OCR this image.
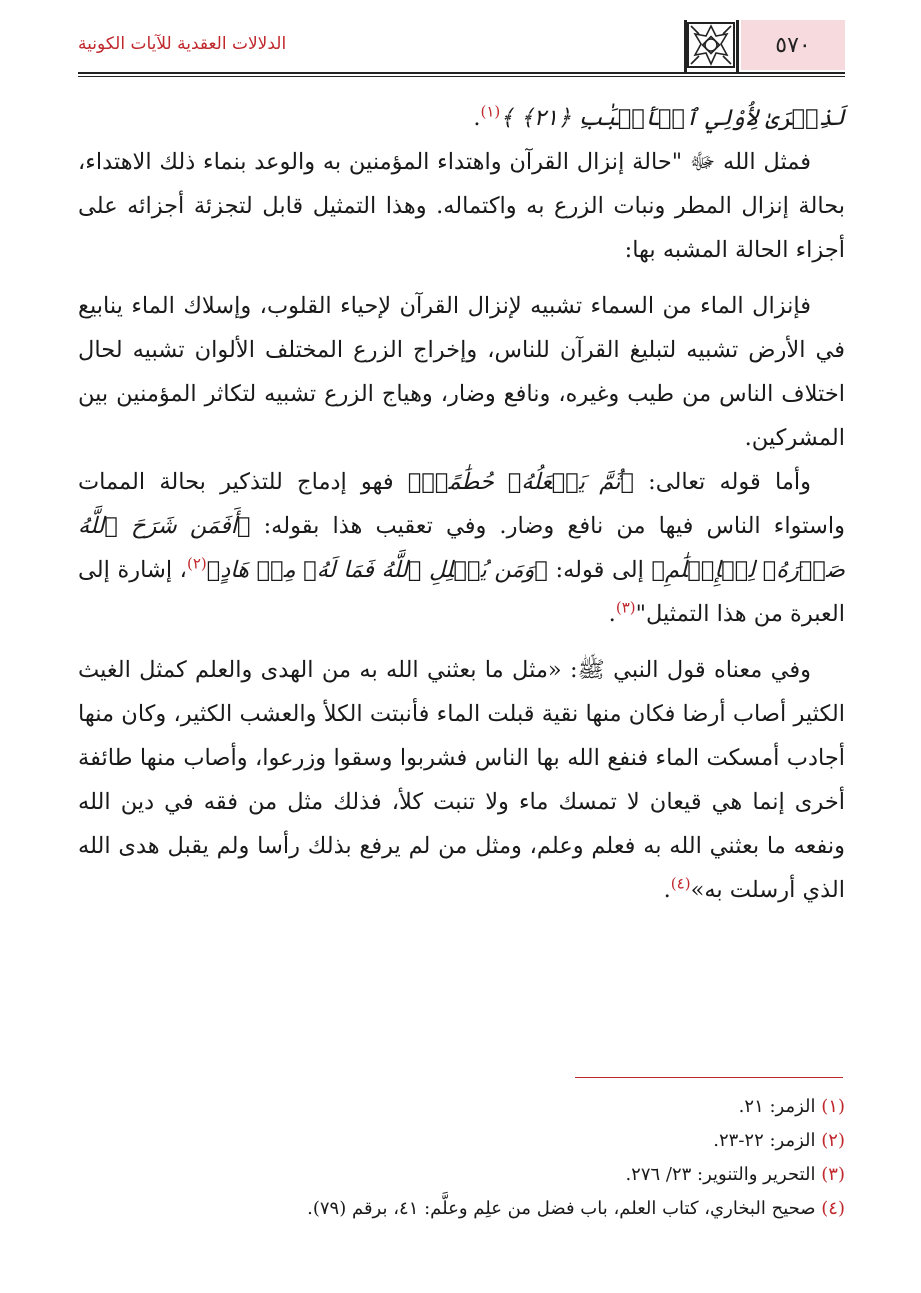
٥٧٠
الدلالات العقدية للآيات الكونية

لَذِكۡرَىٰ لِأُوْلِي ٱلۡأَلۡبَٰبِ ﴿٢١﴾ ﴾$^{(١)}$.

فمثل الله ﷻ "حالة إنزال القرآن واهتداء المؤمنين به والوعد بنماء ذلك الاهتداء، بحالة إنزال المطر ونبات الزرع به واكتماله. وهذا التمثيل قابل لتجزئة أجزائه على أجزاء الحالة المشبه بها:

فإنزال الماء من السماء تشبيه لإنزال القرآن لإحياء القلوب، وإسلاك الماء ينابيع في الأرض تشبيه لتبليغ القرآن للناس، وإخراج الزرع المختلف الألوان تشبيه لحال اختلاف الناس من طيب وغيره، ونافع وضار، وهياج الزرع تشبيه لتكاثر المؤمنين بين المشركين.

وأما قوله تعالى: ﴿ثُمَّ يَجۡعَلُهُۥ حُطَٰمًاۚ﴾ فهو إدماج للتذكير بحالة الممات واستواء الناس فيها من نافع وضار. وفي تعقيب هذا بقوله: ﴿أَفَمَن شَرَحَ ٱللَّهُ صَدۡرَهُۥ لِلۡإِسۡلَٰمِ﴾ إلى قوله: ﴿وَمَن يُضۡلِلِ ٱللَّهُ فَمَا لَهُۥ مِنۡ هَادٍ﴾$^{(٢)}$، إشارة إلى العبرة من هذا التمثيل"$^{(٣)}$.

وفي معناه قول النبي ﷺ: «مثل ما بعثني الله به من الهدى والعلم كمثل الغيث الكثير أصاب أرضا فكان منها نقية قبلت الماء فأنبتت الكلأ والعشب الكثير، وكان منها أجادب أمسكت الماء فنفع الله بها الناس فشربوا وسقوا وزرعوا، وأصاب منها طائفة أخرى إنما هي قيعان لا تمسك ماء ولا تنبت كلأ، فذلك مثل من فقه في دين الله ونفعه ما بعثني الله به فعلم وعلم، ومثل من لم يرفع بذلك رأسا ولم يقبل هدى الله الذي أرسلت به»$^{(٤)}$.

(١) الزمر: ٢١.
(٢) الزمر: ٢٢-٢٣.
(٣) التحرير والتنوير: ٢٣/ ٢٧٦.
(٤) صحيح البخاري، كتاب العلم، باب فضل من علِم وعلَّم: ٤١، برقم (٧٩).
